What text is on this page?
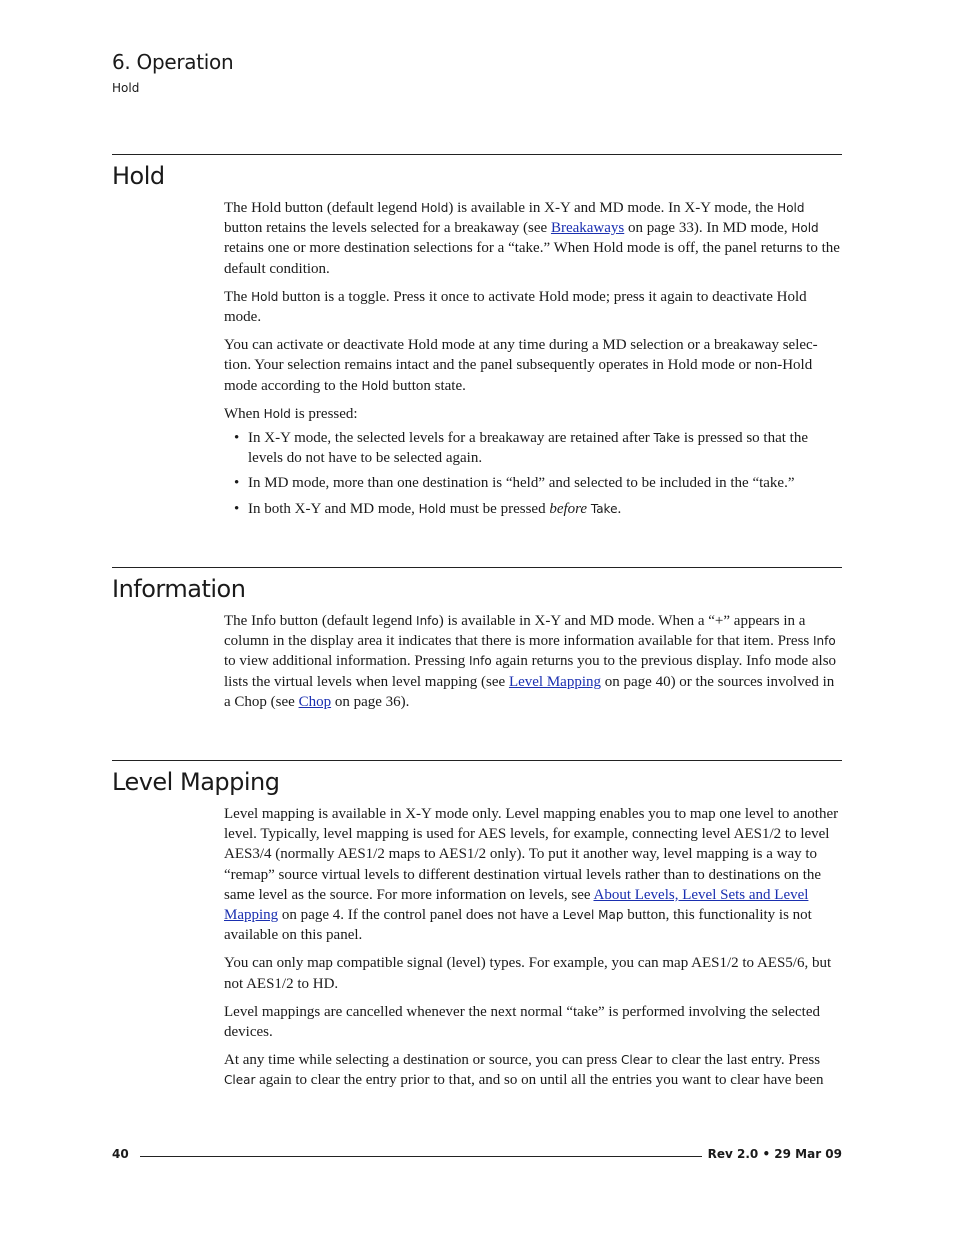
6. Operation
Hold
Hold

The Hold button (default legend Hold) is available in X-Y and MD mode. In X-Y mode, the Hold button retains the levels selected for a breakaway (see Breakaways on page 33). In MD mode, Hold retains one or more destination selections for a “take.” When Hold mode is off, the panel returns to the default condition.

The Hold button is a toggle. Press it once to activate Hold mode; press it again to deactivate Hold mode.

You can activate or deactivate Hold mode at any time during a MD selection or a breakaway selec-tion. Your selection remains intact and the panel subsequently operates in Hold mode or non-Hold mode according to the Hold button state.

When Hold is pressed:

• In X-Y mode, the selected levels for a breakaway are retained after Take is pressed so that the levels do not have to be selected again.
• In MD mode, more than one destination is “held” and selected to be included in the “take.”
• In both X-Y and MD mode, Hold must be pressed before Take.
Information

The Info button (default legend Info) is available in X-Y and MD mode. When a “+” appears in a column in the display area it indicates that there is more information available for that item. Press Info to view additional information. Pressing Info again returns you to the previous display. Info mode also lists the virtual levels when level mapping (see Level Mapping on page 40) or the sources involved in a Chop (see Chop on page 36).

Level Mapping

Level mapping is available in X-Y mode only. Level mapping enables you to map one level to another level. Typically, level mapping is used for AES levels, for example, connecting level AES1/2 to level AES3/4 (normally AES1/2 maps to AES1/2 only). To put it another way, level mapping is a way to “remap” source virtual levels to different destination virtual levels rather than to destinations on the same level as the source. For more information on levels, see About Levels, Level Sets and Level Mapping on page 4. If the control panel does not have a Level Map button, this functionality is not available on this panel.

You can only map compatible signal (level) types. For example, you can map AES1/2 to AES5/6, but not AES1/2 to HD.

Level mappings are cancelled whenever the next normal “take” is performed involving the selected devices.

At any time while selecting a destination or source, you can press Clear to clear the last entry. Press Clear again to clear the entry prior to that, and so on until all the entries you want to clear have been

40	Rev 2.0 • 29 Mar 09
